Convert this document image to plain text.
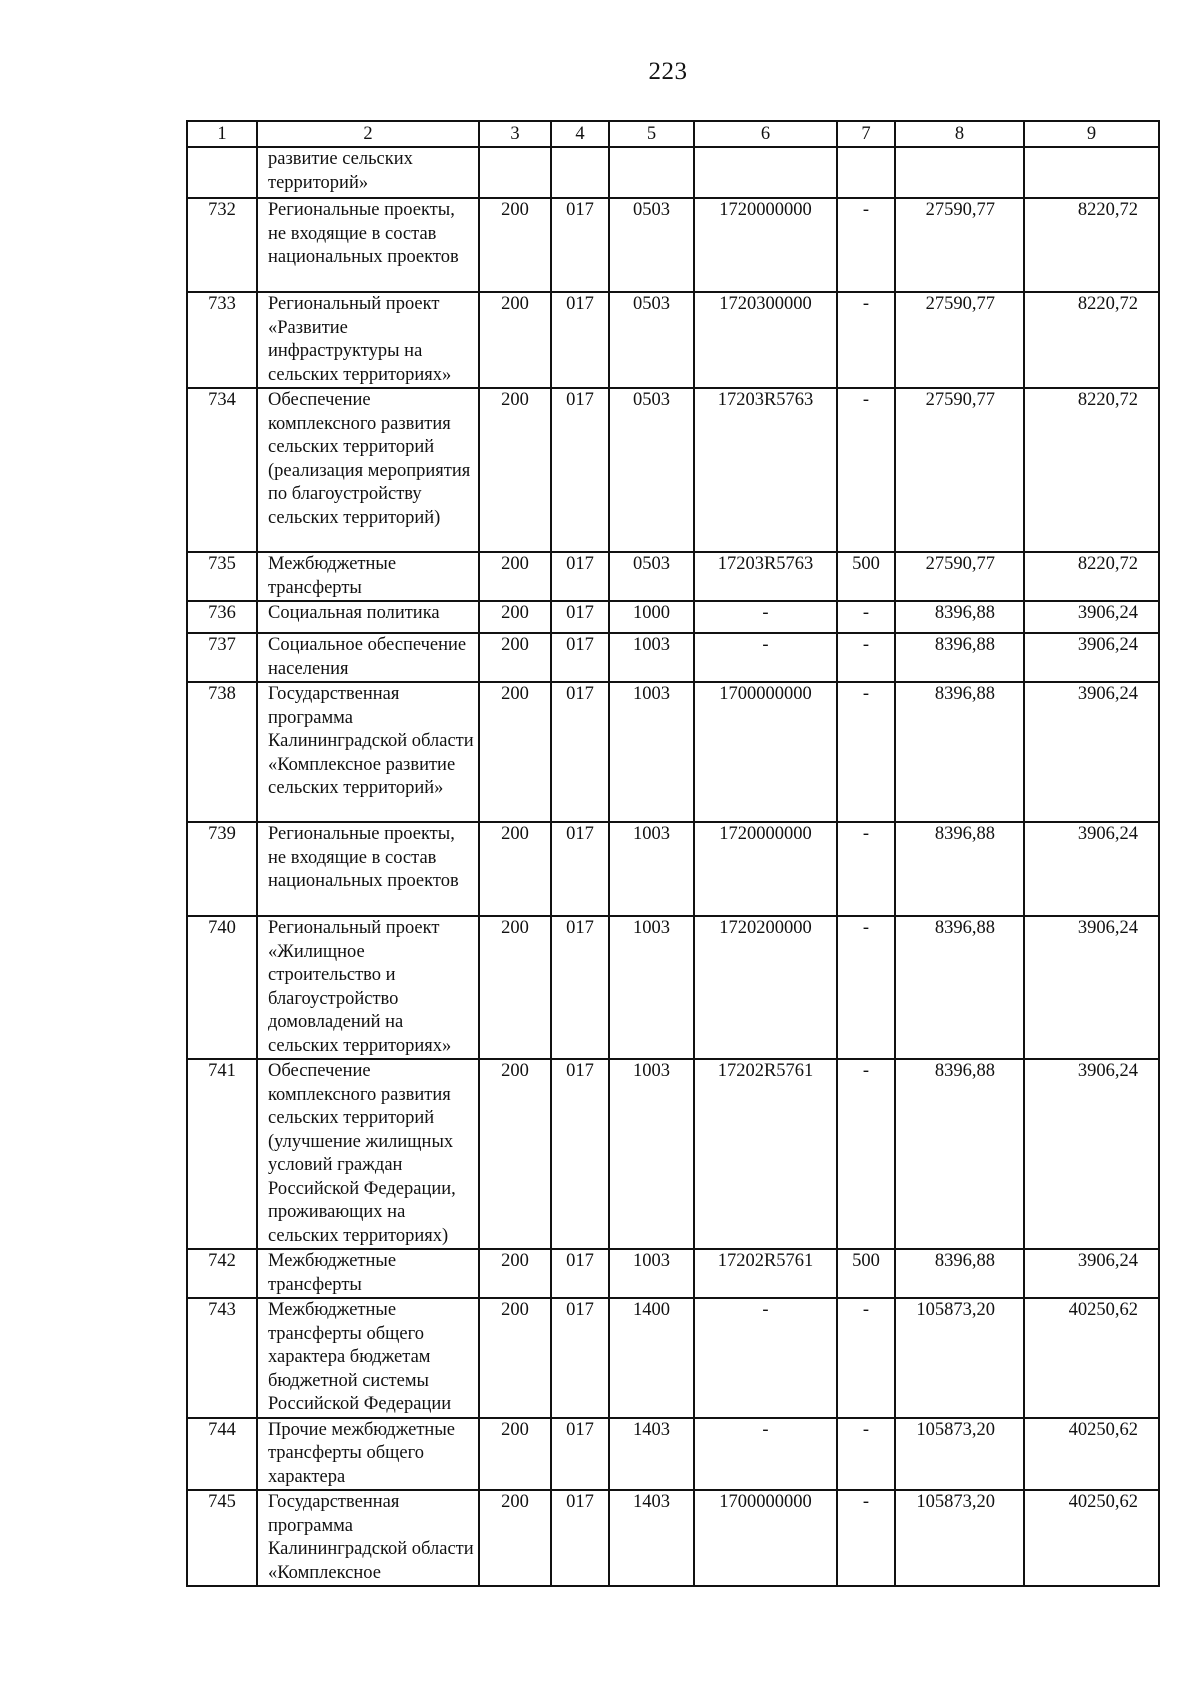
223
1	2	3	4	5	6	7	8	9
	развитие сельских территорий»							
732	Региональные проекты, не входящие в состав национальных проектов	200	017	0503	1720000000	-	27590,77	8220,72
733	Региональный проект «Развитие инфраструктуры на сельских территориях»	200	017	0503	1720300000	-	27590,77	8220,72
734	Обеспечение комплексного развития сельских территорий (реализация мероприятия по благоустройству сельских территорий)	200	017	0503	17203R5763	-	27590,77	8220,72
735	Межбюджетные трансферты	200	017	0503	17203R5763	500	27590,77	8220,72
736	Социальная политика	200	017	1000	-	-	8396,88	3906,24
737	Социальное обеспечение населения	200	017	1003	-	-	8396,88	3906,24
738	Государственная программа Калининградской области «Комплексное развитие сельских территорий»	200	017	1003	1700000000	-	8396,88	3906,24
739	Региональные проекты, не входящие в состав национальных проектов	200	017	1003	1720000000	-	8396,88	3906,24
740	Региональный проект «Жилищное строительство и благоустройство домовладений на сельских территориях»	200	017	1003	1720200000	-	8396,88	3906,24
741	Обеспечение комплексного развития сельских территорий (улучшение жилищных условий граждан Российской Федерации, проживающих на сельских территориях)	200	017	1003	17202R5761	-	8396,88	3906,24
742	Межбюджетные трансферты	200	017	1003	17202R5761	500	8396,88	3906,24
743	Межбюджетные трансферты общего характера бюджетам бюджетной системы Российской Федерации	200	017	1400	-	-	105873,20	40250,62
744	Прочие межбюджетные трансферты общего характера	200	017	1403	-	-	105873,20	40250,62
745	Государственная программа Калининградской области «Комплексное	200	017	1403	1700000000	-	105873,20	40250,62
